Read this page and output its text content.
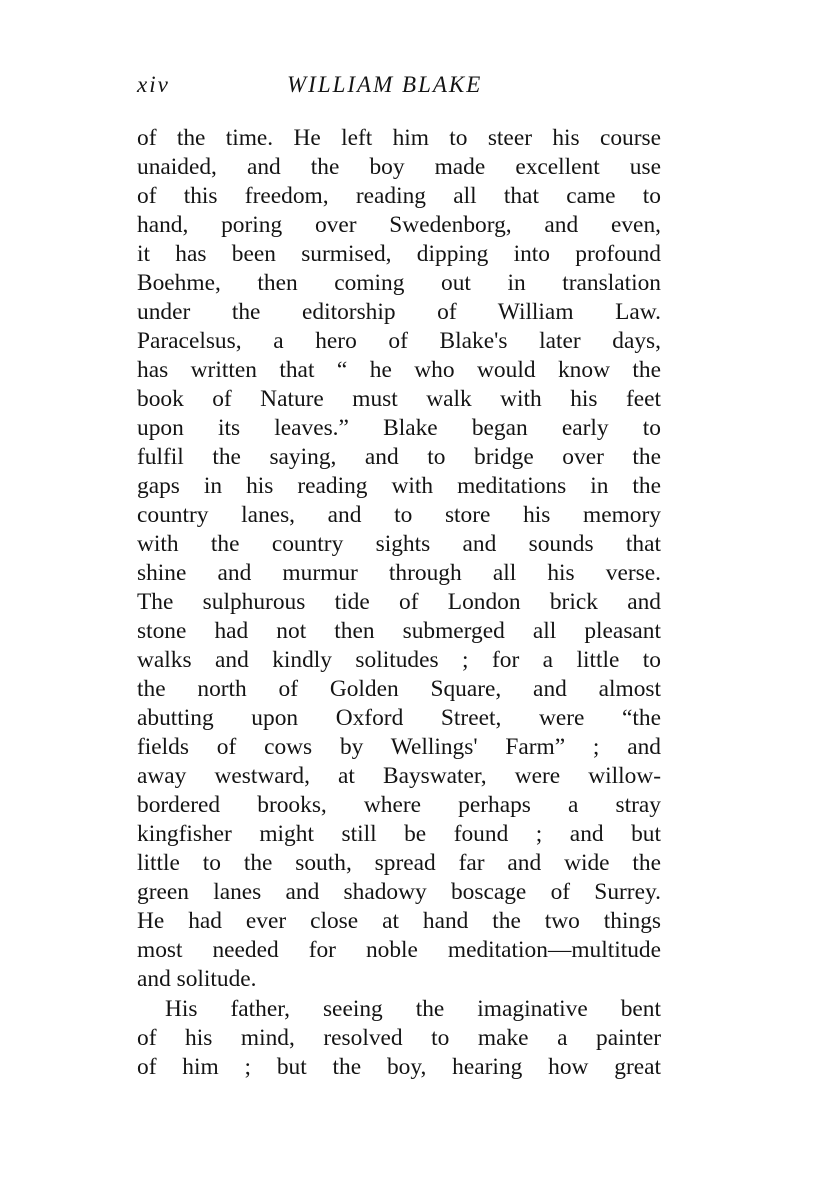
xiv	WILLIAM BLAKE
of the time. He left him to steer his course
unaided, and the boy made excellent use
of this freedom, reading all that came to
hand, poring over Swedenborg, and even,
it has been surmised, dipping into profound
Boehme, then coming out in translation
under the editorship of William Law.
Paracelsus, a hero of Blake's later days,
has written that “ he who would know the
book of Nature must walk with his feet
upon its leaves.” Blake began early to
fulfil the saying, and to bridge over the
gaps in his reading with meditations in the
country lanes, and to store his memory
with the country sights and sounds that
shine and murmur through all his verse.
The sulphurous tide of London brick and
stone had not then submerged all pleasant
walks and kindly solitudes ; for a little to
the north of Golden Square, and almost
abutting upon Oxford Street, were “the
fields of cows by Wellings' Farm” ; and
away westward, at Bayswater, were willow-
bordered brooks, where perhaps a stray
kingfisher might still be found ; and but
little to the south, spread far and wide the
green lanes and shadowy boscage of Surrey.
He had ever close at hand the two things
most needed for noble meditation—multitude
and solitude.
His father, seeing the imaginative bent
of his mind, resolved to make a painter
of him ; but the boy, hearing how great
